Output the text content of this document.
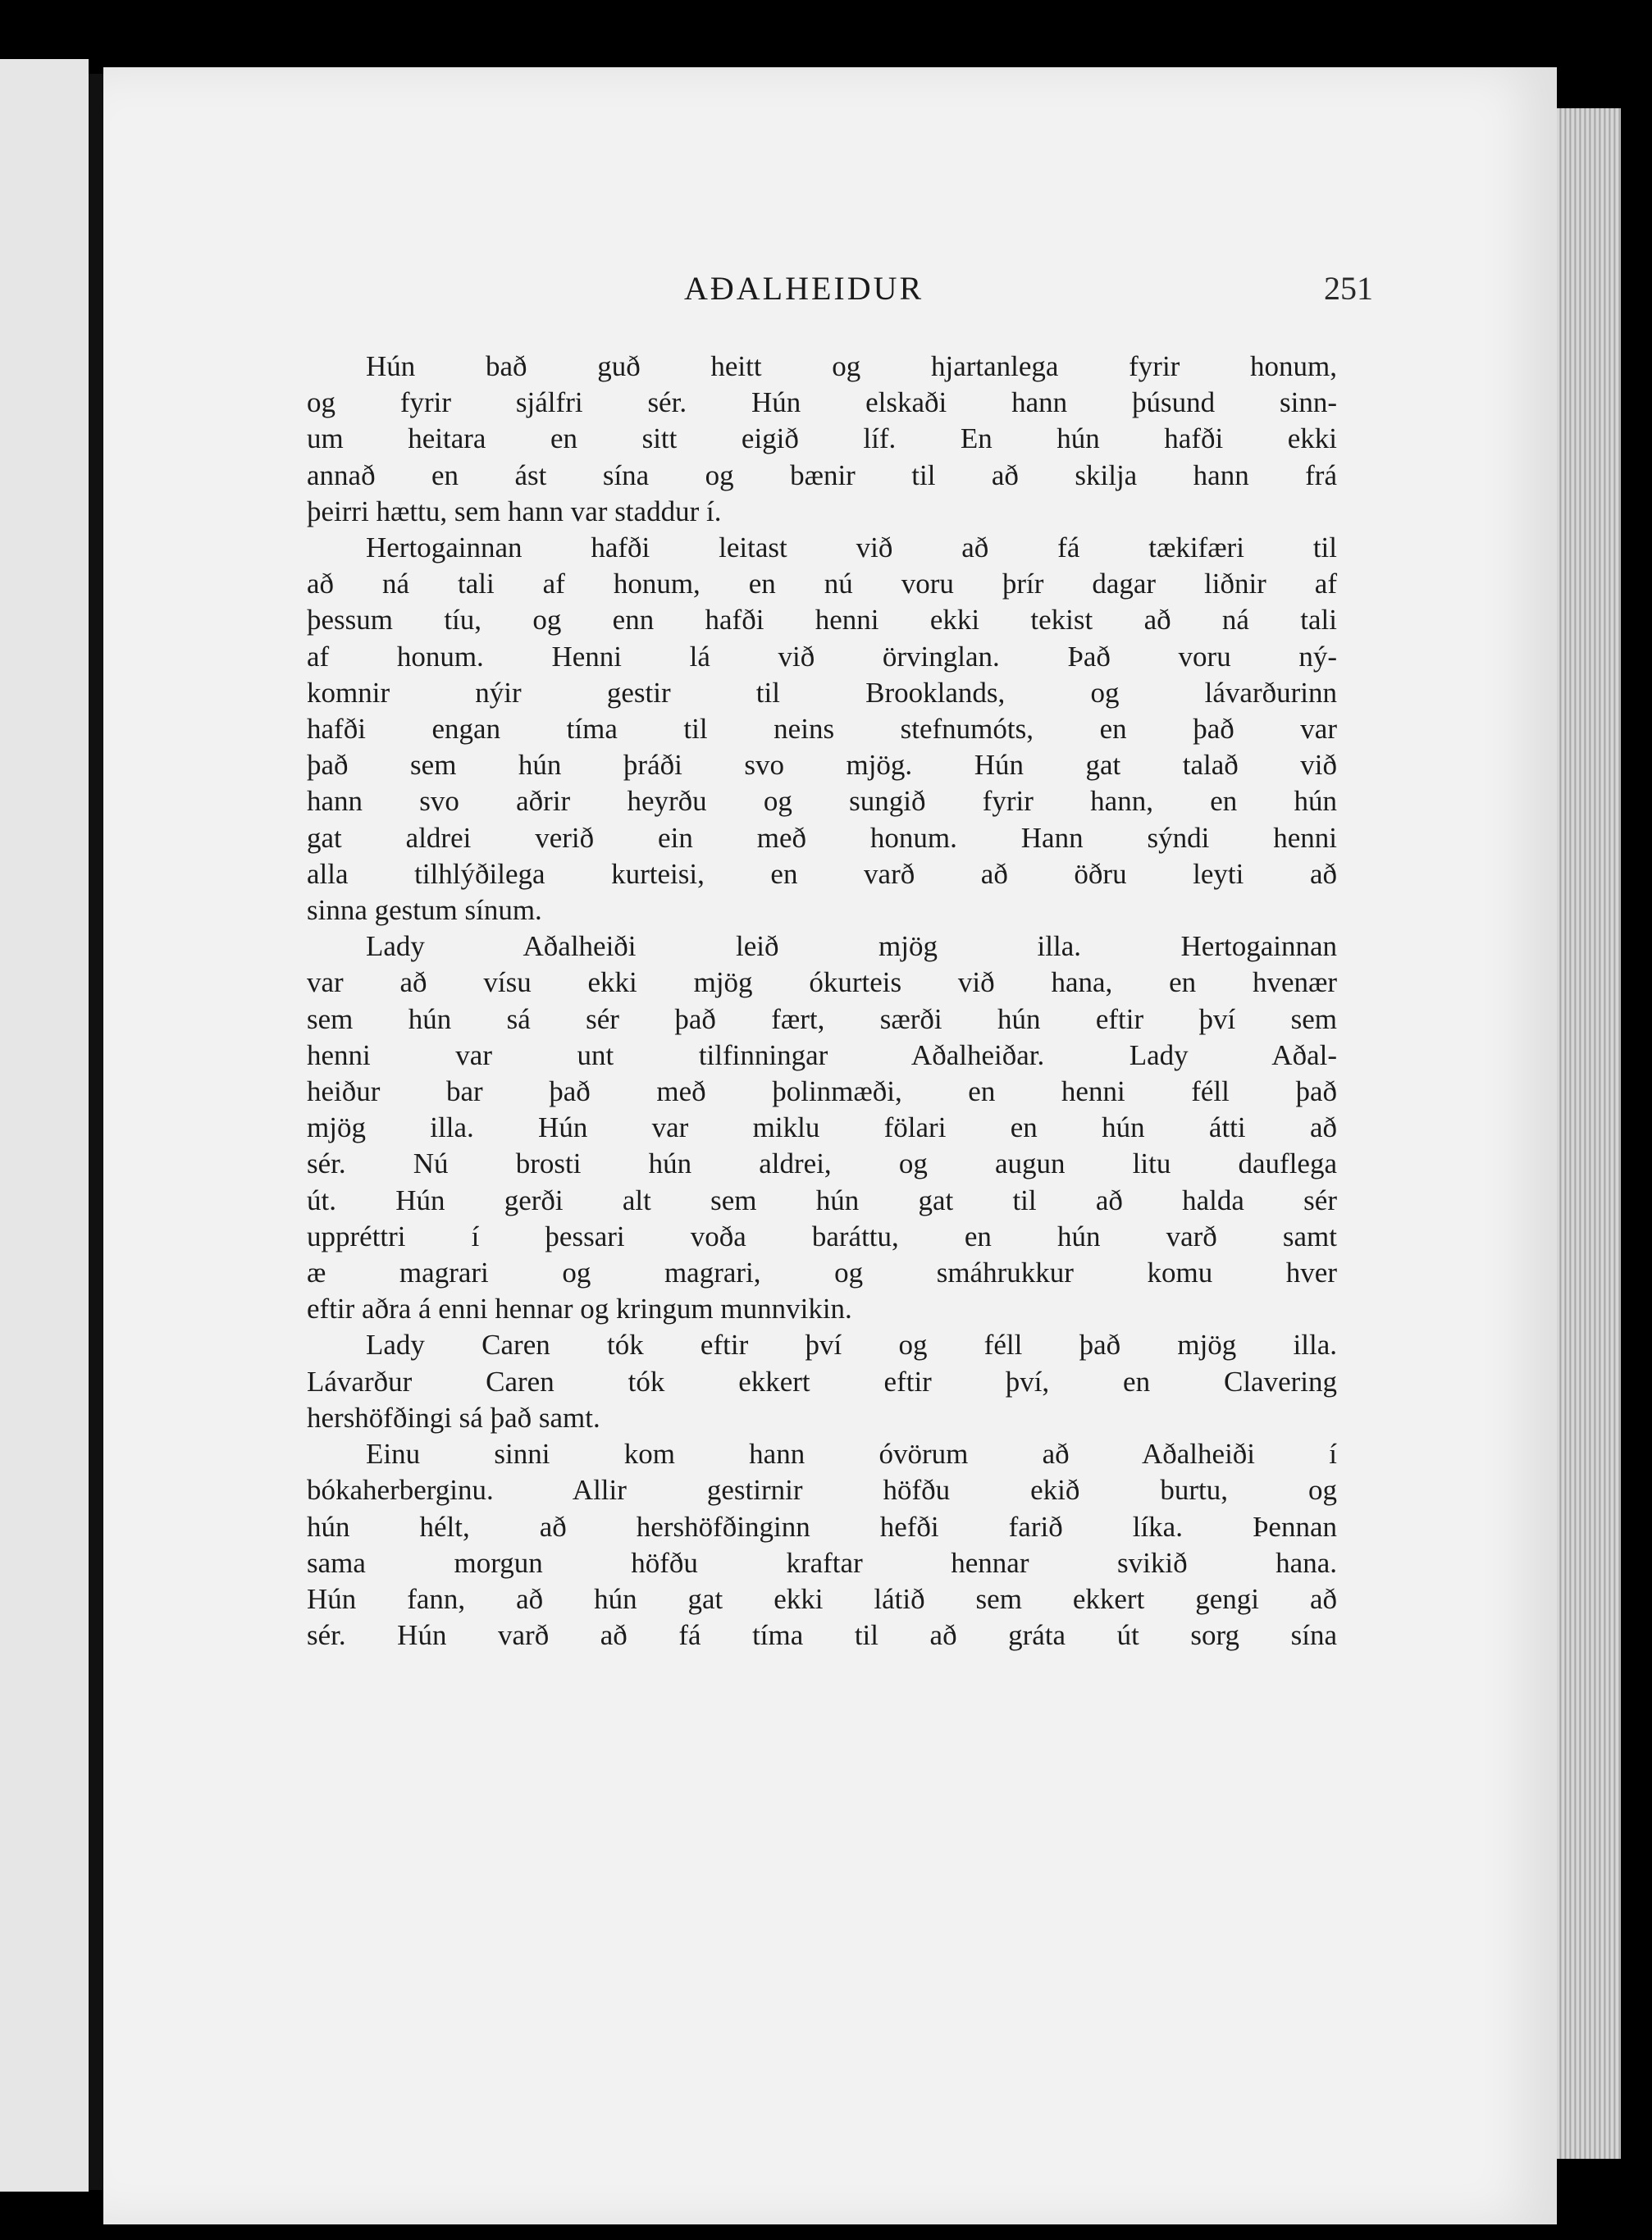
AÐALHEIDUR	251
Hún bað guð heitt og hjartanlega fyrir honum,
og fyrir sjálfri sér. Hún elskaði hann þúsund sinn-
um heitara en sitt eigið líf. En hún hafði ekki
annað en ást sína og bænir til að skilja hann frá
þeirri hættu, sem hann var staddur í.
Hertogainnan hafði leitast við að fá tækifæri til
að ná tali af honum, en nú voru þrír dagar liðnir af
þessum tíu, og enn hafði henni ekki tekist að ná tali
af honum. Henni lá við örvinglan. Það voru ný-
komnir nýir gestir til Brooklands, og lávarðurinn
hafði engan tíma til neins stefnumóts, en það var
það sem hún þráði svo mjög. Hún gat talað við
hann svo aðrir heyrðu og sungið fyrir hann, en hún
gat aldrei verið ein með honum. Hann sýndi henni
alla tilhlýðilega kurteisi, en varð að öðru leyti að
sinna gestum sínum.
Lady Aðalheiði leið mjög illa. Hertogainnan
var að vísu ekki mjög ókurteis við hana, en hvenær
sem hún sá sér það fært, særði hún eftir því sem
henni var unt tilfinningar Aðalheiðar. Lady Aðal-
heiður bar það með þolinmæði, en henni féll það
mjög illa. Hún var miklu fölari en hún átti að
sér. Nú brosti hún aldrei, og augun litu dauflega
út. Hún gerði alt sem hún gat til að halda sér
uppréttri í þessari voða baráttu, en hún varð samt
æ magrari og magrari, og smáhrukkur komu hver
eftir aðra á enni hennar og kringum munnvikin.
Lady Caren tók eftir því og féll það mjög illa.
Lávarður Caren tók ekkert eftir því, en Clavering
hershöfðingi sá það samt.
Einu sinni kom hann óvörum að Aðalheiði í
bókaherberginu. Allir gestirnir höfðu ekið burtu, og
hún hélt, að hershöfðinginn hefði farið líka. Þennan
sama morgun höfðu kraftar hennar svikið hana.
Hún fann, að hún gat ekki látið sem ekkert gengi að
sér. Hún varð að fá tíma til að gráta út sorg sína
